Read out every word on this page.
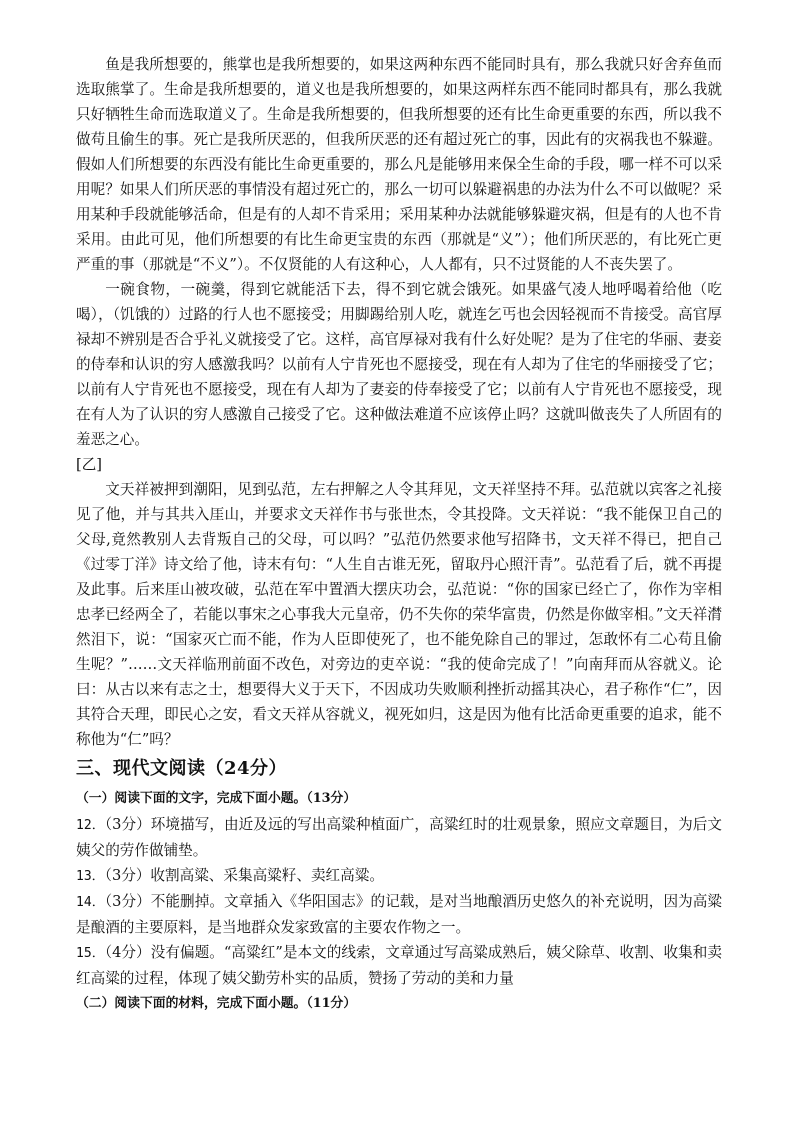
鱼是我所想要的，熊掌也是我所想要的，如果这两种东西不能同时具有，那么我就只好舍弃鱼而选取熊掌了。生命是我所想要的，道义也是我所想要的，如果这两样东西不能同时都具有，那么我就只好牺牲生命而选取道义了。生命是我所想要的，但我所想要的还有比生命更重要的东西，所以我不做苟且偷生的事。死亡是我所厌恶的，但我所厌恶的还有超过死亡的事，因此有的灾祸我也不躲避。假如人们所想要的东西没有能比生命更重要的，那么凡是能够用来保全生命的手段，哪一样不可以采用呢？如果人们所厌恶的事情没有超过死亡的，那么一切可以躲避祸患的办法为什么不可以做呢？采用某种手段就能够活命，但是有的人却不肯采用；采用某种办法就能够躲避灾祸，但是有的人也不肯采用。由此可见，他们所想要的有比生命更宝贵的东西（那就是“义”）；他们所厌恶的，有比死亡更严重的事（那就是“不义”）。不仅贤能的人有这种心，人人都有，只不过贤能的人不丧失罢了。

一碗食物，一碗羹，得到它就能活下去，得不到它就会饿死。如果盛气凌人地呼喝着给他（吃喝），（饥饿的）过路的行人也不愿接受；用脚踢给别人吃，就连乞丐也会因轻视而不肯接受。高官厚禄却不辨别是否合乎礼义就接受了它。这样，高官厚禄对我有什么好处呢？是为了住宅的华丽、妻妾的侍奉和认识的穷人感激我吗？以前有人宁肯死也不愿接受，现在有人却为了住宅的华丽接受了它；以前有人宁肯死也不愿接受，现在有人却为了妻妾的侍奉接受了它；以前有人宁肯死也不愿接受，现在有人为了认识的穷人感激自己接受了它。这种做法难道不应该停止吗？这就叫做丧失了人所固有的羞恶之心。

[乙]

文天祥被押到潮阳，见到弘范，左右押解之人令其拜见，文天祥坚持不拜。弘范就以宾客之礼接见了他，并与其共入厓山，并要求文天祥作书与张世杰，令其投降。文天祥说：“我不能保卫自己的父母,竟然教别人去背叛自己的父母，可以吗？”弘范仍然要求他写招降书，文天祥不得已，把自己《过零丁洋》诗文给了他，诗末有句：“人生自古谁无死，留取丹心照汗青”。弘范看了后，就不再提及此事。后来厓山被攻破，弘范在军中置酒大摆庆功会，弘范说：“你的国家已经亡了，你作为宰相忠孝已经两全了，若能以事宋之心事我大元皇帝，仍不失你的荣华富贵，仍然是你做宰相。”文天祥潸然泪下，说：“国家灭亡而不能，作为人臣即使死了，也不能免除自己的罪过，怎敢怀有二心苟且偷生呢？”……文天祥临刑前面不改色，对旁边的吏卒说：“我的使命完成了！”向南拜而从容就义。论曰：从古以来有志之士，想要得大义于天下，不因成功失败顺利挫折动摇其决心，君子称作“仁”，因其符合天理，即民心之安，看文天祥从容就义，视死如归，这是因为他有比活命更重要的追求，能不称他为“仁”吗？

三、现代文阅读（24分）
（一）阅读下面的文字，完成下面小题。（13分）

12．（3分）环境描写，由近及远的写出高粱种植面广，高粱红时的壮观景象，照应文章题目，为后文姨父的劳作做铺垫。

13．（3分）收割高粱、采集高粱籽、卖红高粱。

14．（3分）不能删掉。文章插入《华阳国志》的记载，是对当地酿酒历史悠久的补充说明，因为高粱是酿酒的主要原料，是当地群众发家致富的主要农作物之一。

15．（4分）没有偏题。“高粱红”是本文的线索，文章通过写高粱成熟后，姨父除草、收割、收集和卖红高粱的过程，体现了姨父勤劳朴实的品质，赞扬了劳动的美和力量

（二）阅读下面的材料，完成下面小题。（11分）
